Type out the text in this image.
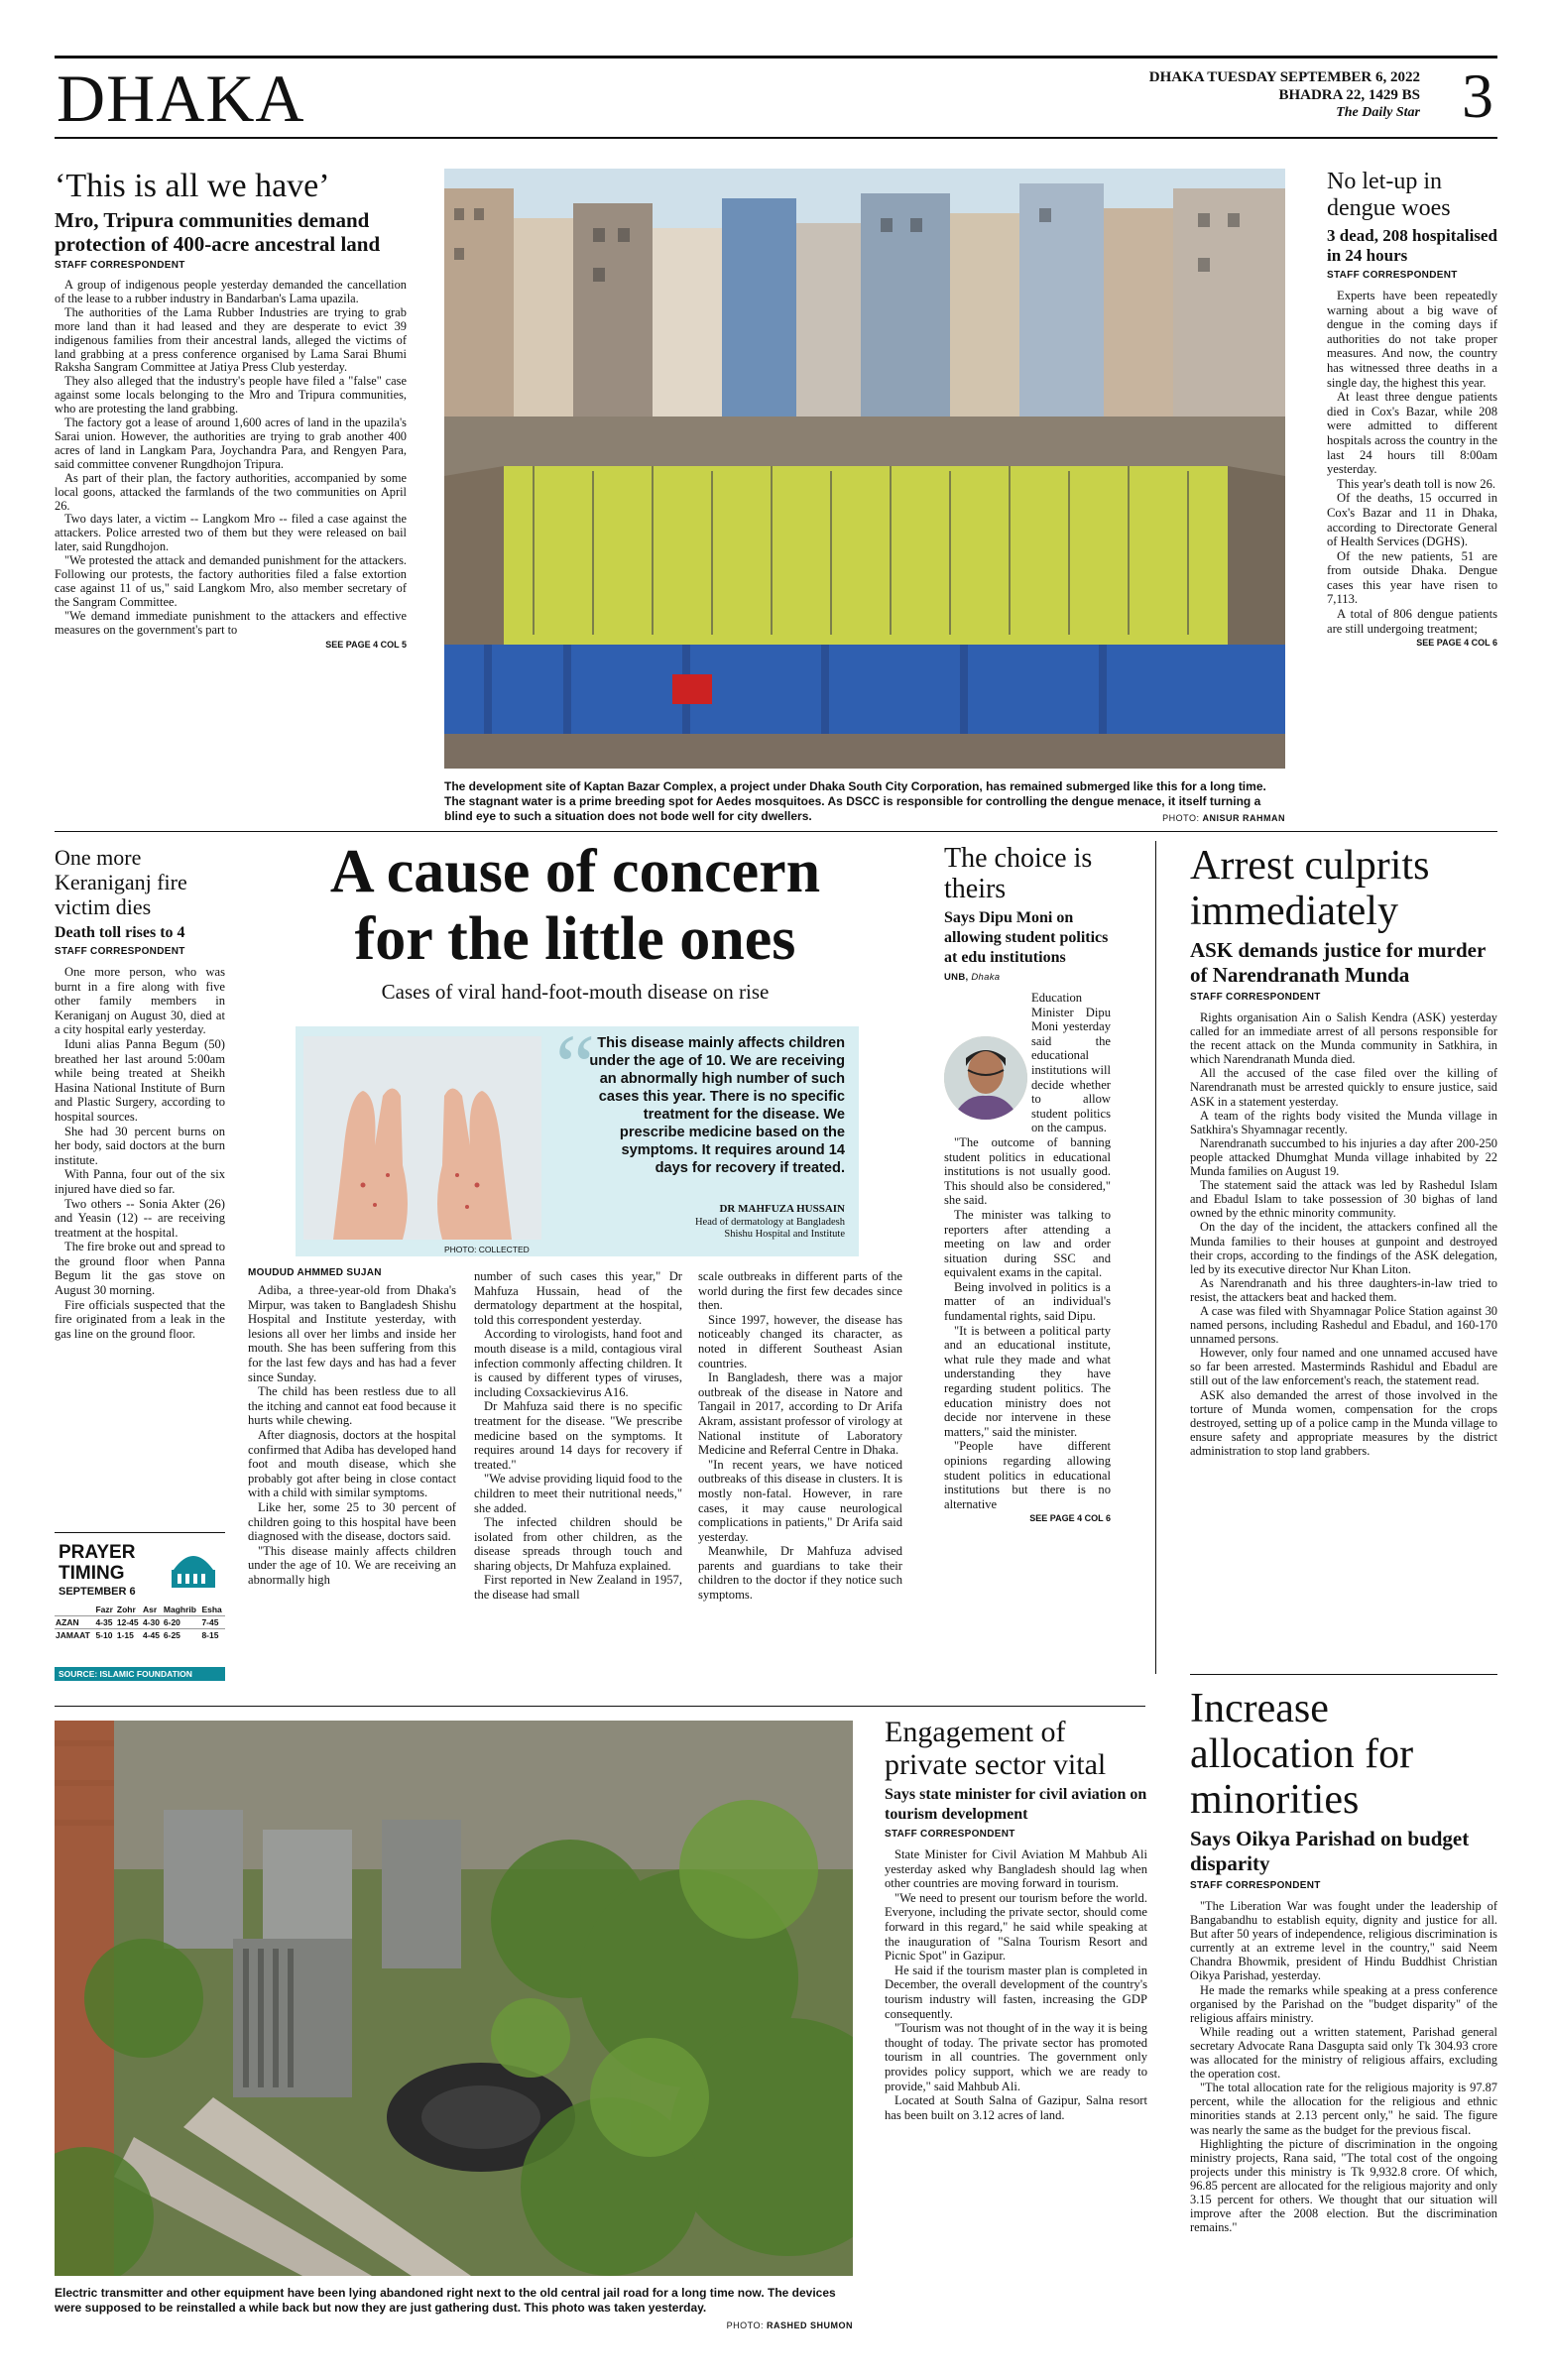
DHAKA	DHAKA TUESDAY SEPTEMBER 6, 2022
BHADRA 22, 1429 BS
The Daily Star 3
‘This is all we have’
Mro, Tripura communities demand protection of 400-acre ancestral land
STAFF CORRESPONDENT

A group of indigenous people yesterday demanded the cancellation of the lease to a rubber industry in Bandarban's Lama upazila.

The authorities of the Lama Rubber Industries are trying to grab more land than it had leased and they are desperate to evict 39 indigenous families from their ancestral lands, alleged the victims of land grabbing at a press conference organised by Lama Sarai Bhumi Raksha Sangram Committee at Jatiya Press Club yesterday.

They also alleged that the industry's people have filed a "false" case against some locals belonging to the Mro and Tripura communities, who are protesting the land grabbing.

The factory got a lease of around 1,600 acres of land in the upazila's Sarai union. However, the authorities are trying to grab another 400 acres of land in Langkam Para, Joychandra Para, and Rengyen Para, said committee convener Rungdhojon Tripura.

As part of their plan, the factory authorities, accompanied by some local goons, attacked the farmlands of the two communities on April 26.

Two days later, a victim -- Langkom Mro -- filed a case against the attackers. Police arrested two of them but they were released on bail later, said Rungdhojon.

"We protested the attack and demanded punishment for the attackers. Following our protests, the factory authorities filed a false extortion case against 11 of us," said Langkom Mro, also member secretary of the Sangram Committee.

"We demand immediate punishment to the attackers and effective measures on the government's part to

SEE PAGE 4 COL 5
The development site of Kaptan Bazar Complex, a project under Dhaka South City Corporation, has remained submerged like this for a long time. The stagnant water is a prime breeding spot for Aedes mosquitoes. As DSCC is responsible for controlling the dengue menace, it itself turning a blind eye to such a situation does not bode well for city dwellers.	PHOTO: ANISUR RAHMAN
No let-up in dengue woes
3 dead, 208 hospitalised in 24 hours
STAFF CORRESPONDENT

Experts have been repeatedly warning about a big wave of dengue in the coming days if authorities do not take proper measures. And now, the country has witnessed three deaths in a single day, the highest this year.

At least three dengue patients died in Cox's Bazar, while 208 were admitted to different hospitals across the country in the last 24 hours till 8:00am yesterday.

This year's death toll is now 26.

Of the deaths, 15 occurred in Cox's Bazar and 11 in Dhaka, according to Directorate General of Health Services (DGHS).

Of the new patients, 51 are from outside Dhaka. Dengue cases this year have risen to 7,113.

A total of 806 dengue patients are still undergoing treatment;

SEE PAGE 4 COL 6
One more Keraniganj fire victim dies
Death toll rises to 4
STAFF CORRESPONDENT

One more person, who was burnt in a fire along with five other family members in Keraniganj on August 30, died at a city hospital early yesterday.

Iduni alias Panna Begum (50) breathed her last around 5:00am while being treated at Sheikh Hasina National Institute of Burn and Plastic Surgery, according to hospital sources.

She had 30 percent burns on her body, said doctors at the burn institute.

With Panna, four out of the six injured have died so far.

Two others -- Sonia Akter (26) and Yeasin (12) -- are receiving treatment at the hospital.

The fire broke out and spread to the ground floor when Panna Begum lit the gas stove on August 30 morning.

Fire officials suspected that the fire originated from a leak in the gas line on the ground floor.

PRAYER
TIMING
SEPTEMBER 6
	Fazr	Zohr	Asr	Maghrib	Esha
AZAN	4-35	12-45	4-30	6-20	7-45
JAMAAT	5-10	1-15	4-45	6-25	8-15
SOURCE: ISLAMIC FOUNDATION
A cause of concern
for the little ones
Cases of viral hand-foot-mouth disease on rise
“ This disease mainly affects children under the age of 10. We are receiving an abnormally high number of such cases this year. There is no specific treatment for the disease. We prescribe medicine based on the symptoms. It requires around 14 days for recovery if treated.
DR MAHFUZA HUSSAIN
Head of dermatology at Bangladesh Shishu Hospital and Institute
PHOTO: COLLECTED
MOUDUD AHMMED SUJAN

Adiba, a three-year-old from Dhaka's Mirpur, was taken to Bangladesh Shishu Hospital and Institute yesterday, with lesions all over her limbs and inside her mouth. She has been suffering from this for the last few days and has had a fever since Sunday.

The child has been restless due to all the itching and cannot eat food because it hurts while chewing.

After diagnosis, doctors at the hospital confirmed that Adiba has developed hand foot and mouth disease, which she probably got after being in close contact with a child with similar symptoms.

Like her, some 25 to 30 percent of children going to this hospital have been diagnosed with the disease, doctors said.

"This disease mainly affects children under the age of 10. We are receiving an abnormally high

number of such cases this year," Dr Mahfuza Hussain, head of the dermatology department at the hospital, told this correspondent yesterday.

According to virologists, hand foot and mouth disease is a mild, contagious viral infection commonly affecting children. It is caused by different types of viruses, including Coxsackievirus A16.

Dr Mahfuza said there is no specific treatment for the disease. "We prescribe medicine based on the symptoms. It requires around 14 days for recovery if treated."

"We advise providing liquid food to the children to meet their nutritional needs," she added.

The infected children should be isolated from other children, as the disease spreads through touch and sharing objects, Dr Mahfuza explained.

First reported in New Zealand in 1957, the disease had small

scale outbreaks in different parts of the world during the first few decades since then.

Since 1997, however, the disease has noticeably changed its character, as noted in different Southeast Asian countries.

In Bangladesh, there was a major outbreak of the disease in Natore and Tangail in 2017, according to Dr Arifa Akram, assistant professor of virology at National institute of Laboratory Medicine and Referral Centre in Dhaka.

"In recent years, we have noticed outbreaks of this disease in clusters. It is mostly non-fatal. However, in rare cases, it may cause neurological complications in patients," Dr Arifa said yesterday.

Meanwhile, Dr Mahfuza advised parents and guardians to take their children to the doctor if they notice such symptoms.

The choice is theirs
Says Dipu Moni on allowing student politics at edu institutions
UNB, Dhaka

Education Minister Dipu Moni yesterday said the educational institutions will decide whether to allow student politics on the campus.

"The outcome of banning student politics in educational institutions is not usually good. This should also be considered," she said.

The minister was talking to reporters after attending a meeting on law and order situation during SSC and equivalent exams in the capital.

Being involved in politics is a matter of an individual's fundamental rights, said Dipu.

"It is between a political party and an educational institute, what rule they made and what understanding they have regarding student politics. The education ministry does not decide nor intervene in these matters," said the minister.

"People have different opinions regarding allowing student politics in educational institutions but there is no alternative

SEE PAGE 4 COL 6
Arrest culprits immediately
ASK demands justice for murder of Narendranath Munda
STAFF CORRESPONDENT

Rights organisation Ain o Salish Kendra (ASK) yesterday called for an immediate arrest of all persons responsible for the recent attack on the Munda community in Satkhira, in which Narendranath Munda died.

All the accused of the case filed over the killing of Narendranath must be arrested quickly to ensure justice, said ASK in a statement yesterday.

A team of the rights body visited the Munda village in Satkhira's Shyamnagar recently.

Narendranath succumbed to his injuries a day after 200-250 people attacked Dhumghat Munda village inhabited by 22 Munda families on August 19.

The statement said the attack was led by Rashedul Islam and Ebadul Islam to take possession of 30 bighas of land owned by the ethnic minority community.

On the day of the incident, the attackers confined all the Munda families to their houses at gunpoint and destroyed their crops, according to the findings of the ASK delegation, led by its executive director Nur Khan Liton.

As Narendranath and his three daughters-in-law tried to resist, the attackers beat and hacked them.

A case was filed with Shyamnagar Police Station against 30 named persons, including Rashedul and Ebadul, and 160-170 unnamed persons.

However, only four named and one unnamed accused have so far been arrested. Masterminds Rashidul and Ebadul are still out of the law enforcement's reach, the statement read.

ASK also demanded the arrest of those involved in the torture of Munda women, compensation for the crops destroyed, setting up of a police camp in the Munda village to ensure safety and appropriate measures by the district administration to stop land grabbers.

Electric transmitter and other equipment have been lying abandoned right next to the old central jail road for a long time now. The devices were supposed to be reinstalled a while back but now they are just gathering dust. This photo was taken yesterday.
PHOTO: RASHED SHUMON
Engagement of private sector vital
Says state minister for civil aviation on tourism development
STAFF CORRESPONDENT

State Minister for Civil Aviation M Mahbub Ali yesterday asked why Bangladesh should lag when other countries are moving forward in tourism.

"We need to present our tourism before the world. Everyone, including the private sector, should come forward in this regard," he said while speaking at the inauguration of "Salna Tourism Resort and Picnic Spot" in Gazipur.

He said if the tourism master plan is completed in December, the overall development of the country's tourism industry will fasten, increasing the GDP consequently.

"Tourism was not thought of in the way it is being thought of today. The private sector has promoted tourism in all countries. The government only provides policy support, which we are ready to provide," said Mahbub Ali.

Located at South Salna of Gazipur, Salna resort has been built on 3.12 acres of land.

Increase allocation for minorities
Says Oikya Parishad on budget disparity
STAFF CORRESPONDENT

"The Liberation War was fought under the leadership of Bangabandhu to establish equity, dignity and justice for all. But after 50 years of independence, religious discrimination is currently at an extreme level in the country," said Neem Chandra Bhowmik, president of Hindu Buddhist Christian Oikya Parishad, yesterday.

He made the remarks while speaking at a press conference organised by the Parishad on the "budget disparity" of the religious affairs ministry.

While reading out a written statement, Parishad general secretary Advocate Rana Dasgupta said only Tk 304.93 crore was allocated for the ministry of religious affairs, excluding the operation cost.

"The total allocation rate for the religious majority is 97.87 percent, while the allocation for the religious and ethnic minorities stands at 2.13 percent only," he said. The figure was nearly the same as the budget for the previous fiscal.

Highlighting the picture of discrimination in the ongoing ministry projects, Rana said, "The total cost of the ongoing projects under this ministry is Tk 9,932.8 crore. Of which, 96.85 percent are allocated for the religious majority and only 3.15 percent for others. We thought that our situation will improve after the 2008 election. But the discrimination remains."
